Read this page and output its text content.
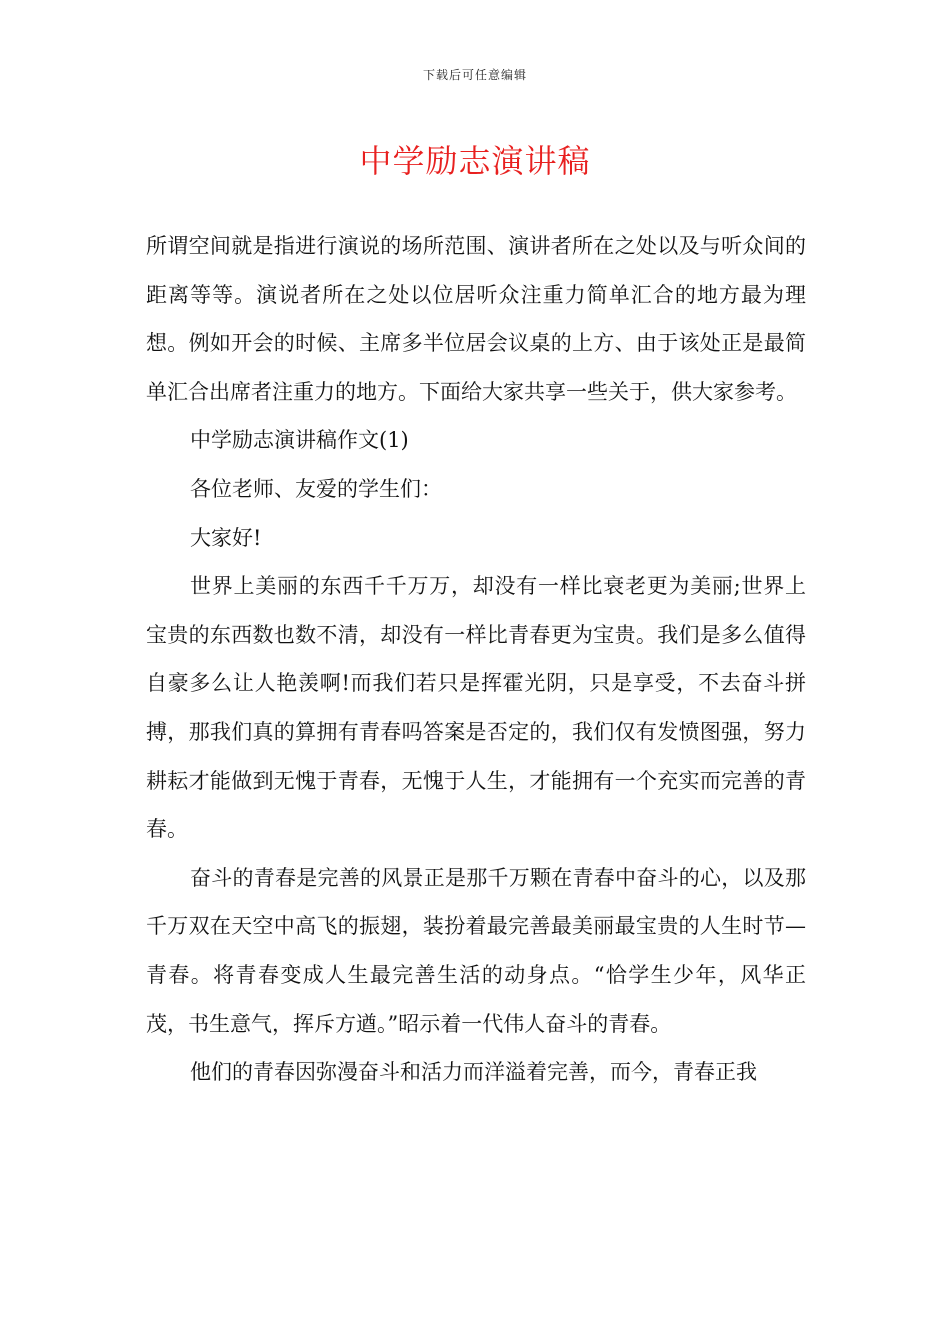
下载后可任意编辑
中学励志演讲稿

所谓空间就是指进行演说的场所范围、演讲者所在之处以及与听众间的距离等等。演说者所在之处以位居听众注重力简单汇合的地方最为理想。例如开会的时候、主席多半位居会议桌的上方、由于该处正是最简单汇合出席者注重力的地方。下面给大家共享一些关于，供大家参考。

中学励志演讲稿作文(1)

各位老师、友爱的学生们：

大家好!

世界上美丽的东西千千万万，却没有一样比衰老更为美丽;世界上宝贵的东西数也数不清，却没有一样比青春更为宝贵。我们是多么值得自豪多么让人艳羡啊!而我们若只是挥霍光阴，只是享受，不去奋斗拼搏，那我们真的算拥有青春吗答案是否定的，我们仅有发愤图强，努力耕耘才能做到无愧于青春，无愧于人生，才能拥有一个充实而完善的青春。

奋斗的青春是完善的风景正是那千万颗在青春中奋斗的心，以及那千万双在天空中高飞的振翅，装扮着最完善最美丽最宝贵的人生时节—青春。将青春变成人生最完善生活的动身点。“恰学生少年，风华正茂，书生意气，挥斥方遒。”昭示着一代伟人奋斗的青春。

他们的青春因弥漫奋斗和活力而洋溢着完善，而今，青春正我
